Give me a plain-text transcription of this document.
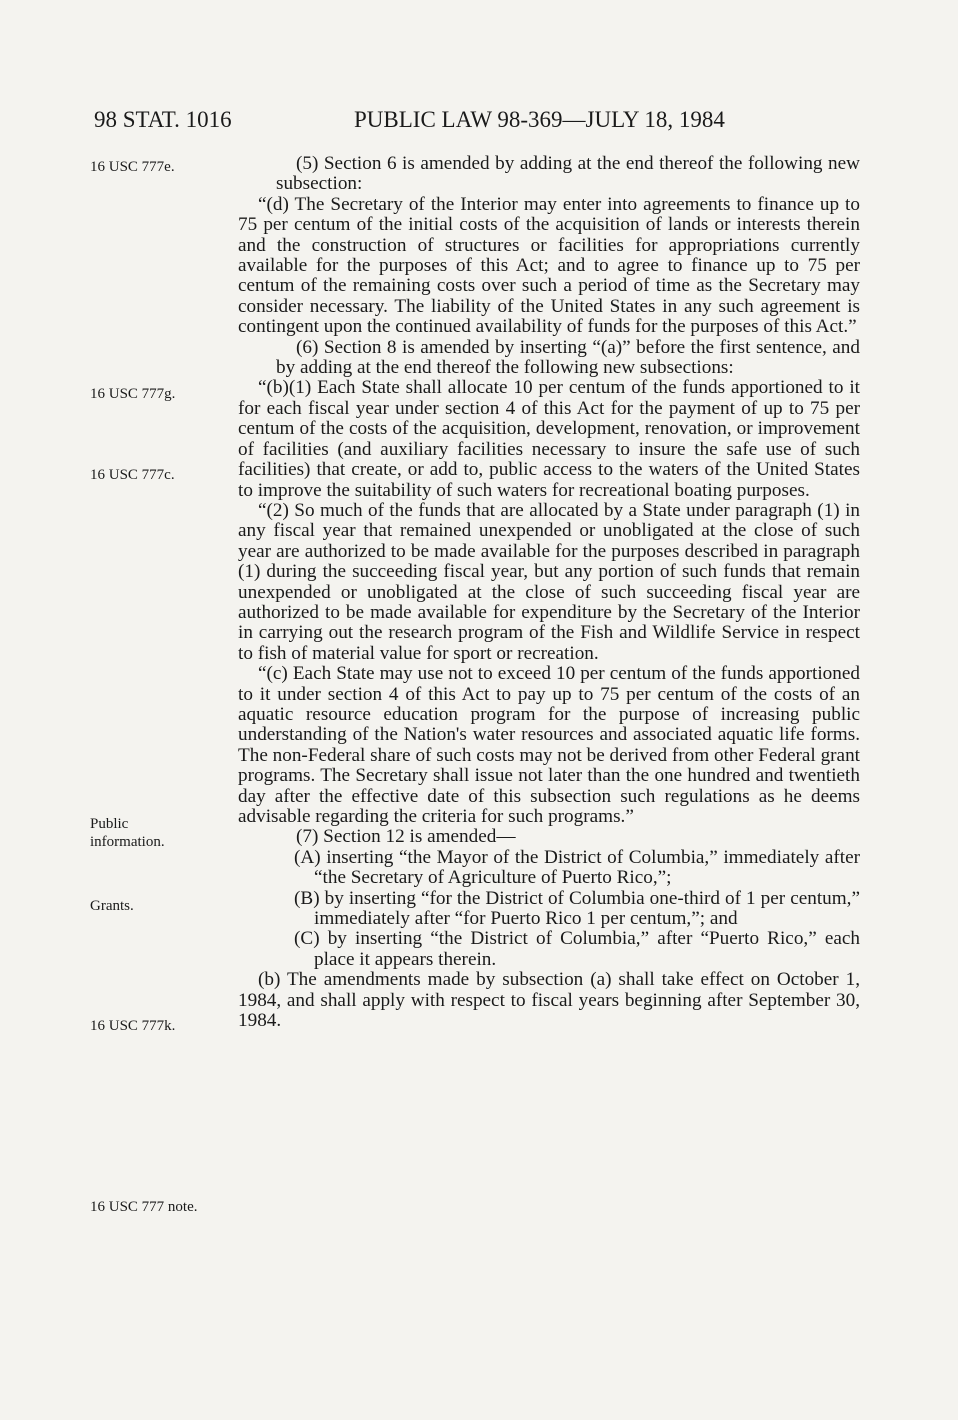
98 STAT. 1016	PUBLIC LAW 98-369—JULY 18, 1984
16 USC 777e.
16 USC 777g.
16 USC 777c.
Public information.
Grants.
16 USC 777k.
16 USC 777 note.

(5) Section 6 is amended by adding at the end thereof the following new subsection:

“(d) The Secretary of the Interior may enter into agreements to finance up to 75 per centum of the initial costs of the acquisition of lands or interests therein and the construction of structures or facilities for appropriations currently available for the purposes of this Act; and to agree to finance up to 75 per centum of the remaining costs over such a period of time as the Secretary may consider necessary. The liability of the United States in any such agreement is contingent upon the continued availability of funds for the purposes of this Act.”

(6) Section 8 is amended by inserting “(a)” before the first sentence, and by adding at the end thereof the following new subsections:

“(b)(1) Each State shall allocate 10 per centum of the funds apportioned to it for each fiscal year under section 4 of this Act for the payment of up to 75 per centum of the costs of the acquisition, development, renovation, or improvement of facilities (and auxiliary facilities necessary to insure the safe use of such facilities) that create, or add to, public access to the waters of the United States to improve the suitability of such waters for recreational boating purposes.

“(2) So much of the funds that are allocated by a State under paragraph (1) in any fiscal year that remained unexpended or unobligated at the close of such year are authorized to be made available for the purposes described in paragraph (1) during the succeeding fiscal year, but any portion of such funds that remain unexpended or unobligated at the close of such succeeding fiscal year are authorized to be made available for expenditure by the Secretary of the Interior in carrying out the research program of the Fish and Wildlife Service in respect to fish of material value for sport or recreation.

“(c) Each State may use not to exceed 10 per centum of the funds apportioned to it under section 4 of this Act to pay up to 75 per centum of the costs of an aquatic resource education program for the purpose of increasing public understanding of the Nation's water resources and associated aquatic life forms. The non-Federal share of such costs may not be derived from other Federal grant programs. The Secretary shall issue not later than the one hundred and twentieth day after the effective date of this subsection such regulations as he deems advisable regarding the criteria for such programs.”

(7) Section 12 is amended—

(A) inserting “the Mayor of the District of Columbia,” immediately after “the Secretary of Agriculture of Puerto Rico,”;

(B) by inserting “for the District of Columbia one-third of 1 per centum,” immediately after “for Puerto Rico 1 per centum,”; and

(C) by inserting “the District of Columbia,” after “Puerto Rico,” each place it appears therein.

(b) The amendments made by subsection (a) shall take effect on October 1, 1984, and shall apply with respect to fiscal years beginning after September 30, 1984.
